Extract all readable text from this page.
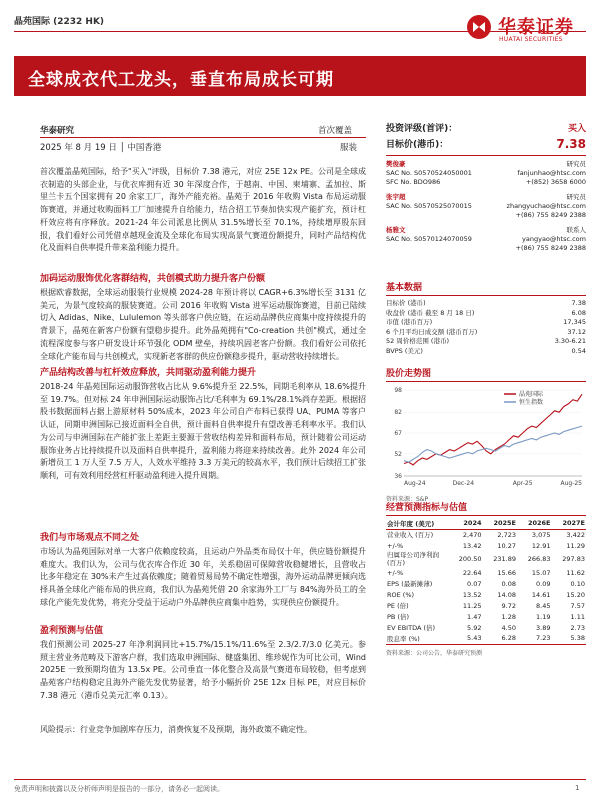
晶苑国际 (2232 HK)	华泰证券
HUATAI SECURITIES
全球成衣代工龙头，垂直布局成长可期
华泰研究	首次覆盖
2025 年 8 月 19 日 │ 中国香港	服装

首次覆盖晶苑国际，给予"买入"评级，目标价 7.38 港元，对应 25E 12x PE。公司是全球成衣制造的头部企业，与优衣库拥有近 30 年深度合作，于越南、中国、柬埔寨、孟加拉、斯里兰卡五个国家拥有 20 余家工厂，海外产能充裕。晶苑于 2016 年收购 Vista 布局运动服饰赛道，并通过收购面料工厂加速提升自给能力，结合招工节奏加快实现产能扩充，预计杠杆效应将有序释放。2021-24 年公司派息比例从 31.5%增长至 70.1%，持续增厚股东回报，我们看好公司凭借卓越现金流及全球化布局实现高景气赛道份额提升，同时产品结构优化及面料自供率提升带来盈利能力提升。

加码运动服饰优化客群结构，共创模式助力提升客户份额

根据欧睿数据，全球运动服装行业规模 2024-28 年预计将以 CAGR+6.3%增长至 3131 亿美元，为景气度较高的服装赛道。公司 2016 年收购 Vista 进军运动服饰赛道，目前已陆续切入 Adidas、Nike、Lululemon 等头部客户供应链，在运动品牌供应商集中度持续提升的背景下，晶苑在新客户份额有望稳步提升。此外晶苑拥有"Co-creation 共创"模式，通过全流程深度参与客户研发设计环节强化 ODM 壁垒，持续巩固老客户份额。我们看好公司依托全球化产能布局与共创模式，实现新老客群的供应份额稳步提升，驱动营收持续增长。

产品结构改善与杠杆效应释放，共同驱动盈利能力提升

2018-24 年晶苑国际运动服饰营收占比从 9.6%提升至 22.5%，同期毛利率从 18.6%提升至 19.7%。但对标 24 年申洲国际运动服饰占比/毛利率为 69.1%/28.1%尚存差距。根据招股书数据面料占据上游原材料 50%成本，2023 年公司自产布料已获得 UA、PUMA 等客户认证，同期申洲国际已接近面料全自供，预计面料自供率提升有望改善毛利率水平。我们认为公司与申洲国际在产能扩张上差距主要源于营收结构差异和面料布局，预计随着公司运动服饰业务占比持续提升以及面料自供率提升，盈利能力将迎来持续改善。此外 2024 年公司新增员工 1 万人至 7.5 万人，人效水平维持 3.3 万美元的较高水平，我们预计后续招工扩张顺利，可有效利用经营杠杆驱动盈利进入提升周期。

我们与市场观点不同之处

市场认为晶苑国际对单一大客户依赖度较高，且运动户外品类布局仅十年，供应链份额提升难度大。我们认为，公司与优衣库合作近 30 年，关系稳固可保障营收稳健增长，且营收占比多年稳定在 30%未产生过高依赖度；随着贸易局势不确定性增强，海外运动品牌更倾向选择具备全球化产能布局的供应商，我们认为晶苑凭借 20 余家海外工厂与 84%海外员工的全球化产能先发优势，将充分受益于运动户外品牌供应商集中趋势，实现供应份额提升。

盈利预测与估值

我们预测公司 2025-27 年净利润同比+15.7%/15.1%/11.6%至 2.3/2.7/3.0 亿美元。参照主营业务范畴及下游客户群，我们选取申洲国际、健盛集团、维珍妮作为可比公司，Wind 2025E 一致预期均值为 13.5x PE。公司垂直一体化整合及高景气赛道布局较稳，但考虑到晶苑客户结构稳定且海外产能先发优势显著，给予小幅折价 25E 12x 目标 PE，对应目标价 7.38 港元（港币兑美元汇率 0.13）。

风险提示：行业竞争加剧库存压力，消费恢复不及预期，海外政策不确定性。
投资评级(首评)：	买入
目标价(港币)：	7.38
樊俊豪	研究员
SAC No. S0570524050001	fanjunhao@htsc.com
SFC No. BDO986	+(852) 3658 6000
张宇超	研究员
SAC No. S0570525070015	zhangyuchao@htsc.com
+(86) 755 8249 2388
杨雅文	联系人
SAC No. S0570124070059	yangyao@htsc.com
+(86) 755 8249 2388
基本数据
目标价 (港币)	7.38
收盘价 (港币 截至 8 月 18 日)	6.08
市值 (港币百万)	17,345
6 个月平均日成交额 (港币百万)	37.12
52 周价格范围 (港币)	3.30-6.21
BVPS (美元)	0.54
股价走势图
36
52
67
82
98
Aug-24	Dec-24	Apr-25	Aug-25
晶苑国际
恒生指数
资料来源：S&P
经营预测指标与估值
会计年度 (美元)	2024	2025E	2026E	2027E
营业收入 (百万)	2,470	2,723	3,075	3,422
+/-%	13.42	10.27	12.91	11.29
归属母公司净利润 (百万)	200.50	231.89	266.83	297.83
+/-%	22.64	15.66	15.07	11.62
EPS (最新摊薄)	0.07	0.08	0.09	0.10
ROE (%)	13.52	14.08	14.61	15.20
PE (倍)	11.25	9.72	8.45	7.57
PB (倍)	1.47	1.28	1.19	1.11
EV EBITDA (倍)	5.92	4.50	3.89	2.73
股息率 (%)	5.43	6.28	7.23	5.38
资料来源：公司公告，华泰研究预测
免责声明和披露以及分析师声明是报告的一部分，请务必一起阅读。	1
